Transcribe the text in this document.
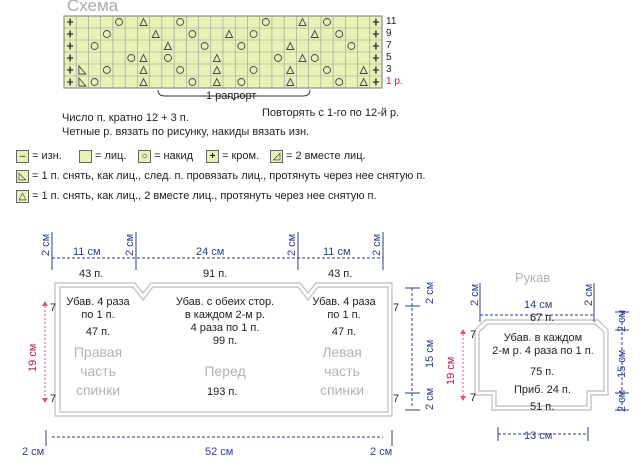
Схема
11
9
7
5
3
1 р.
1 раппорт
Повторять с 1-го по 12-й р.
Число п. кратно 12 + 3 п.
Четные р. вязать по рисунку, накиды вязать изн.
– = изн.	= лиц.	○ = накид	+ = кром. ◿ = 2 вместе лиц.
◺ = 1 п. снять, как лиц., след. п. провязать лиц., протянуть через нее снятую п.
△ = 1 п. снять, как лиц., 2 вместе лиц., протянуть через нее снятую п.
2 см 11 см 2 см	24 см	2 см 11 см 2 см
43 п.	91 п.	43 п.
Убав. 4 раза
по 1 п.
47 п.
Убав. с обеих стор.
в каждом 2-м р.
4 раза по 1 п.
99 п.
Убав. 4 раза
по 1 п.
47 п.
Правая
часть
спинки
Перед
Левая
часть
спинки
193 п.
7
7
7
7
19 см
2 см
15 см
2 см
2 см	52 см	2 см
Рукав
2 см	14 см	2 см
67 п.
Убав. в каждом
2-м р. 4 раза по 1 п.
75 п.
Приб. 24 п.
51 п.
7
7
19 см
2 см
15 см
2 см
13 см
